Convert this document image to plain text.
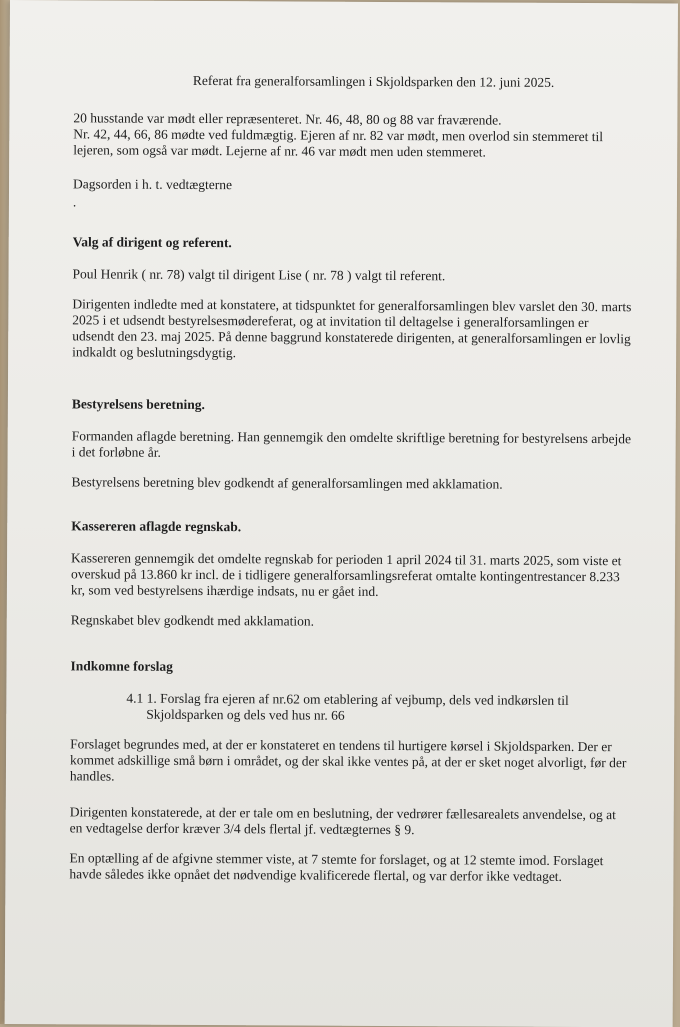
Referat fra generalforsamlingen i Skjoldsparken den 12. juni 2025.

20 husstande var mødt eller repræsenteret. Nr. 46, 48, 80 og 88 var fraværende.

Nr. 42, 44, 66, 86 mødte ved fuldmægtig. Ejeren af nr. 82 var mødt, men overlod sin stemmeret til lejeren, som også var mødt. Lejerne af nr. 46 var mødt men uden stemmeret.

Dagsorden i h. t. vedtægterne

.

Valg af dirigent og referent.

Poul Henrik ( nr. 78) valgt til dirigent Lise ( nr. 78 ) valgt til referent.

Dirigenten indledte med at konstatere, at tidspunktet for generalforsamlingen blev varslet den 30. marts 2025 i et udsendt bestyrelsesmødereferat, og at invitation til deltagelse i generalforsamlingen er udsendt den 23. maj 2025. På denne baggrund konstaterede dirigenten, at generalforsamlingen er lovlig indkaldt og beslutningsdygtig.

Bestyrelsens beretning.

Formanden aflagde beretning. Han gennemgik den omdelte skriftlige beretning for bestyrelsens arbejde i det forløbne år.

Bestyrelsens beretning blev godkendt af generalforsamlingen med akklamation.

Kassereren aflagde regnskab.

Kassereren gennemgik det omdelte regnskab for perioden 1 april 2024 til 31. marts 2025, som viste et overskud på 13.860 kr incl. de i tidligere generalforsamlingsreferat omtalte kontingentrestancer 8.233 kr, som ved bestyrelsens ihærdige indsats, nu er gået ind.

Regnskabet blev godkendt med akklamation.

Indkomne forslag

4.1 1. Forslag fra ejeren af nr.62 om etablering af vejbump, dels ved indkørslen til Skjoldsparken og dels ved hus nr. 66

Forslaget begrundes med, at der er konstateret en tendens til hurtigere kørsel i Skjoldsparken. Der er kommet adskillige små børn i området, og der skal ikke ventes på, at der er sket noget alvorligt, før der handles.

Dirigenten konstaterede, at der er tale om en beslutning, der vedrører fællesarealets anvendelse, og at en vedtagelse derfor kræver 3/4 dels flertal jf. vedtægternes § 9.

En optælling af de afgivne stemmer viste, at 7 stemte for forslaget, og at 12 stemte imod. Forslaget havde således ikke opnået det nødvendige kvalificerede flertal, og var derfor ikke vedtaget.
